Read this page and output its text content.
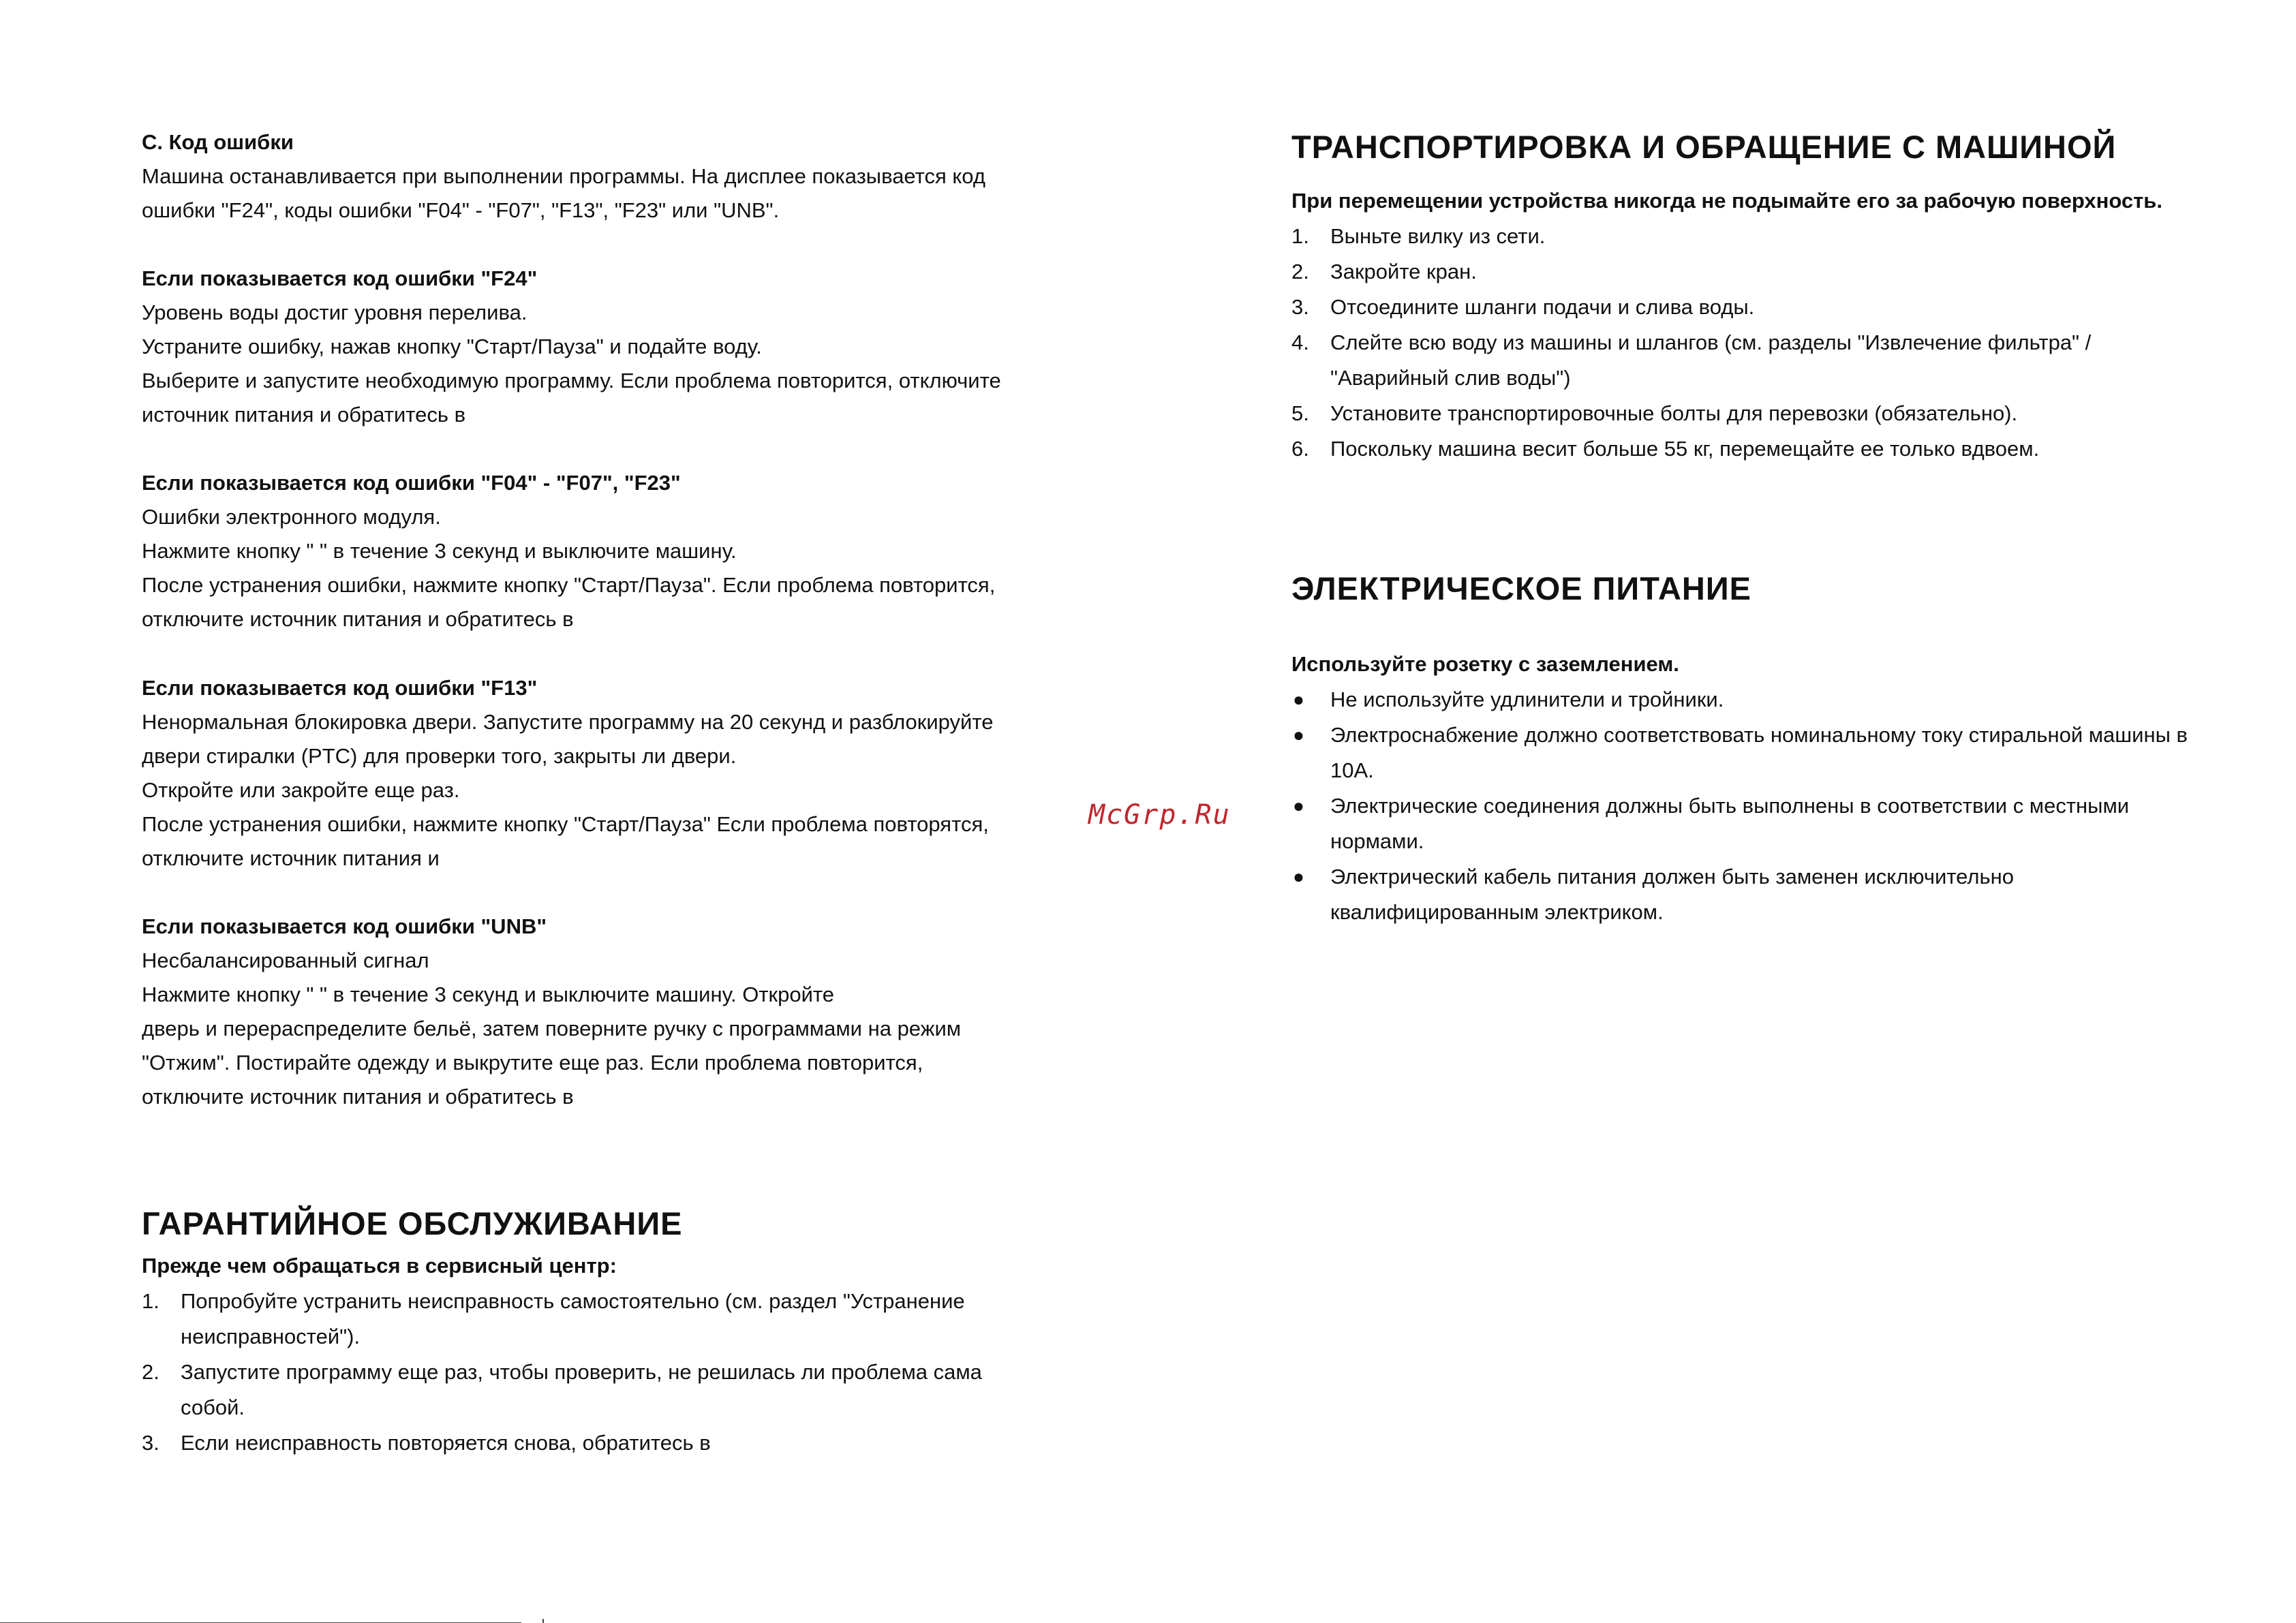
С. Код ошибки
Машина останавливается при выполнении программы. На дисплее показывается код
ошибки "F24", коды ошибки "F04" - "F07", "F13", "F23" или "UNB".
Если показывается код ошибки "F24"
Уровень воды достиг уровня перелива.
Устраните ошибку, нажав кнопку "Старт/Пауза" и подайте воду.
Выберите и запустите необходимую программу. Если проблема повторится, отключите
источник питания и обратитесь в
Если показывается код ошибки "F04" - "F07", "F23"
Ошибки электронного модуля.
Нажмите кнопку " " в течение 3 секунд и выключите машину.
После устранения ошибки, нажмите кнопку "Старт/Пауза". Если проблема повторится,
отключите источник питания и обратитесь в
Если показывается код ошибки "F13"
Ненормальная блокировка двери. Запустите программу на 20 секунд и разблокируйте
двери стиралки (PTC) для проверки того, закрыты ли двери.
Откройте или закройте еще раз.
После устранения ошибки, нажмите кнопку "Старт/Пауза" Если проблема повторятся,
отключите источник питания и
Если показывается код ошибки "UNB"
Несбалансированный сигнал
Нажмите кнопку " " в течение 3 секунд и выключите машину. Откройте
дверь и перераспределите бельё, затем поверните ручку с программами на режим
"Отжим". Постирайте одежду и выкрутите еще раз. Если проблема повторится,
отключите источник питания и обратитесь в
ГАРАНТИЙНОЕ ОБСЛУЖИВАНИЕ
Прежде чем обращаться в сервисный центр:
1. Попробуйте устранить неисправность самостоятельно (см. раздел "Устранение
неисправностей").
2. Запустите программу еще раз, чтобы проверить, не решилась ли проблема сама
собой.
3. Если неисправность повторяется снова, обратитесь в
ТРАНСПОРТИРОВКА И ОБРАЩЕНИЕ С МАШИНОЙ
При перемещении устройства никогда не подымайте его за рабочую поверхность.
1. Выньте вилку из сети.
2. Закройте кран.
3. Отсоедините шланги подачи и слива воды.
4. Слейте всю воду из машины и шлангов (см. разделы "Извлечение фильтра" /
"Аварийный слив воды")
5. Установите транспортировочные болты для перевозки (обязательно).
6. Поскольку машина весит больше 55 кг, перемещайте ее только вдвоем.
ЭЛЕКТРИЧЕСКОЕ ПИТАНИЕ
Используйте розетку с заземлением.
● Не используйте удлинители и тройники.
● Электроснабжение должно соответствовать номинальному току стиральной машины в
10А.
● Электрические соединения должны быть выполнены в соответствии с местными
нормами.
● Электрический кабель питания должен быть заменен исключительно
квалифицированным электриком.
McGrp.Ru
